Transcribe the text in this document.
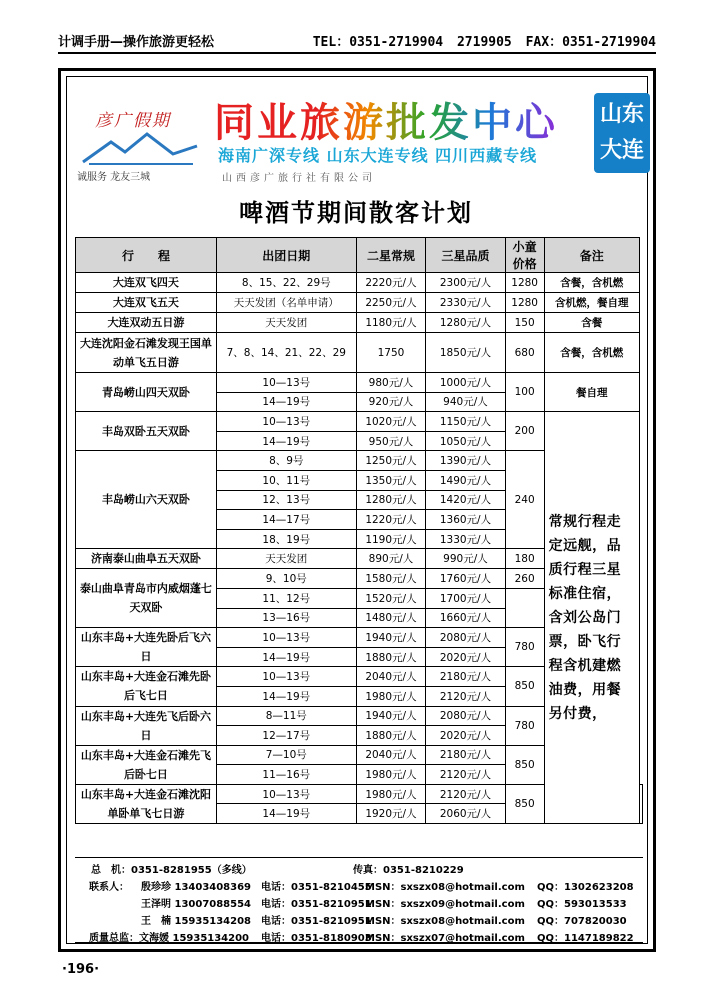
计调手册—操作旅游更轻松	TEL：0351-2719904 2719905 FAX：0351-2719904
彦广假期
诚服务 龙友三城
同业旅游批发中心
海南广深专线 山东大连专线 四川西藏专线
山西彦广旅行社有限公司
山东
大连
啤酒节期间散客计划
行　　程	出团日期	二星常规	三星品质	小童价格	备注	
大连双飞四天	8、15、22、29号	2220元/人	2300元/人	1280	含餐，含机燃	
大连双飞五天	天天发团（名单申请）	2250元/人	2330元/人	1280	含机燃，餐自理	
大连双动五日游	天天发团	1180元/人	1280元/人	150	含餐	
大连沈阳金石滩发现王国单动单飞五日游	7、8、14、21、22、29	1750	1850元/人	680	含餐，含机燃	
青岛崂山四天双卧	10—13号	980元/人	1000元/人	100	餐自理	
	14—19号	920元/人	940元/人			
丰岛双卧五天双卧	10—13号	1020元/人	1150元/人	200	常规行程走定远舰，品质行程三星标准住宿，含刘公岛门票，卧飞行程含机建燃油费，用餐另付费，	
	14—19号	950元/人	1050元/人			
丰岛崂山六天双卧	8、9号	1250元/人	1390元/人	240		
	10、11号	1350元/人	1490元/人			
	12、13号	1280元/人	1420元/人			
	14—17号	1220元/人	1360元/人			
	18、19号	1190元/人	1330元/人			
济南泰山曲阜五天双卧	天天发团	890元/人	990元/人	180		
泰山曲阜青岛市内威烟蓬七天双卧	9、10号	1580元/人	1760元/人	260		
	11、12号	1520元/人	1700元/人			
	13—16号	1480元/人	1660元/人			
山东丰岛+大连先卧后飞六日	10—13号	1940元/人	2080元/人	780		
	14—19号	1880元/人	2020元/人			
山东丰岛+大连金石滩先卧后飞七日	10—13号	2040元/人	2180元/人	850		
	14—19号	1980元/人	2120元/人			
山东丰岛+大连先飞后卧六日	8—11号	1940元/人	2080元/人	780		
	12—17号	1880元/人	2020元/人			
山东丰岛+大连金石滩先飞后卧七日	7—10号	2040元/人	2180元/人	850		
	11—16号	1980元/人	2120元/人			
山东丰岛+大连金石滩沈阳单卧单飞七日游	10—13号	1980元/人	2120元/人	850		
	14—19号	1920元/人	2060元/人			
总　机：0351-8281955（多线）	传真：0351-8210229
联系人： 殷珍珍 13403408369 电话：0351-8210455
MSN：sxszx08@hotmail.com QQ：1302623208
王泽明 13007088554 电话：0351-8210951
MSN：sxszx09@hotmail.com QQ：593013533
王　楠 15935134208 电话：0351-8210951
MSN：sxszx08@hotmail.com QQ：707820030
质量总监：文海媛 15935134200 电话：0351-8180903
MSN：sxszx07@hotmail.com QQ：1147189822
·196·
